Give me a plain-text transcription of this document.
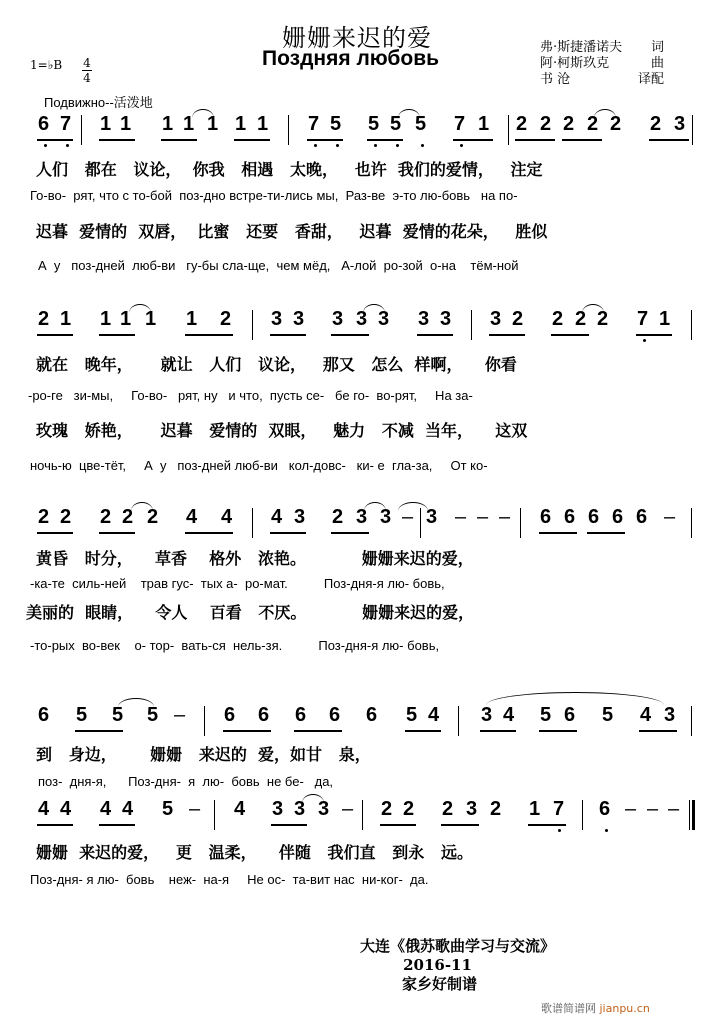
姗姗来迟的爱
Поздняя любовь	弗·斯捷潘诺夫 词
阿·柯斯玖克	曲
书 沧	译配
1=♭B 4
4
Подвижно--活泼地
6 7 1 1 1 1 1 1 1 7 5 5 5 5 7 1 2 2 2 2 2 2 3
人们   都在   议论，  你我   相遇   太晚，   也许  我们的爱情，   注定
Го-во-  рят, что с то-бой  поз-дно встре-ти-лись мы,  Раз-ве  э-то лю-бовь   на по-
迟暮  爱情的  双唇，  比蜜   还要   香甜，   迟暮  爱情的花朵，   胜似
А  у   поз-дней  люб-ви   гу-бы сла-ще,  чем мёд,   А-лой  ро-зой  о-на    тём-ной
2 1 1 1 1 1 2 3 3 3 3 3 3 3 3 2 2 2 2 7 1
就在   晚年，     就让   人们   议论，   那又   怎么  样啊，    你看
-ро-ге   зи-мы,     Го-во-   рят, ну   и что,  пусть се-   бе го-  во-рят,     На за-
玫瑰   娇艳，     迟暮   爱情的  双眼，   魅力   不减  当年，    这双
ночь-ю  цве-тёт,     А  у   поз-дней люб-ви   кол-довс-   ки- е  гла-за,     От ко-
2 2 2 2 2 4 4 4 3 2 3 3 – 3 – – – 6 6 6 6 6 –
黄昏   时分，    草香    格外   浓艳。          姗姗来迟的爱，
-ка-те  силь-ней    трав гус-  тых а-  ро-мат.          Поз-дня-я лю- бовь,
美丽的  眼睛，    令人    百看   不厌。          姗姗来迟的爱，
-то-рых  во-век    о- тор-  вать-ся  нель-зя.          Поз-дня-я лю- бовь,
6 5 5 5 – 6 6 6 6 6 5 4 3 4 5 6 5 4 3
到   身边，      姗姗   来迟的  爱，如甘   泉，
поз-  дня-я,      Поз-дня-  я  лю-  бовь  не бе-   да,
4 4 4 4 5 – 4 3 3 3 – 2 2 2 3 2 1 7 6 – – –
姗姗  来迟的爱，   更   温柔，    伴随   我们直   到永   远。
Поз-дня- я лю-  бовь    неж-  на-я     Не ос-  та-вит нас  ни-ког-  да.
大连《俄苏歌曲学习与交流》
2016-11
家乡好制谱
歌谱简谱网 jianpu.cn
